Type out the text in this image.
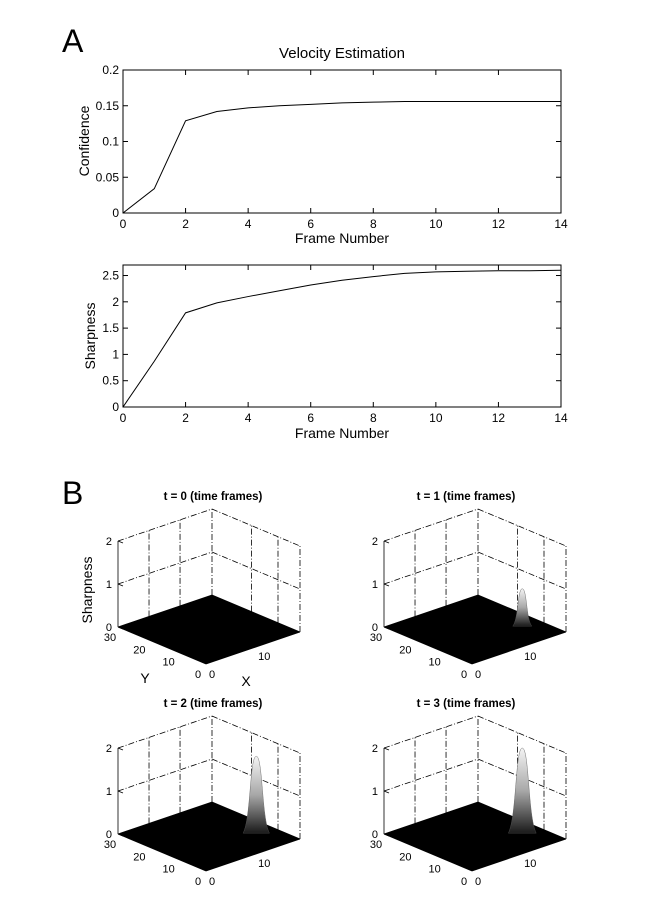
A
B
Velocity Estimation
Frame Number
Confidence
0	2	4	6	8	10	12	14
0
0.05
0.1
0.15
0.2
Frame Number
Sharpness
0	2	4	6	8	10	12	14
0
0.5
1
1.5
2
2.5
t = 0 (time frames)
0
1
2
0
10
20
30
0
10
t = 1 (time frames)
0
1
2
0
10
20
30
0
10
t = 2 (time frames)
0
1
2
0
10
20
30
0
10
t = 3 (time frames)
0
1
2
0
10
20
30
0
10
Sharpness
Y	X
